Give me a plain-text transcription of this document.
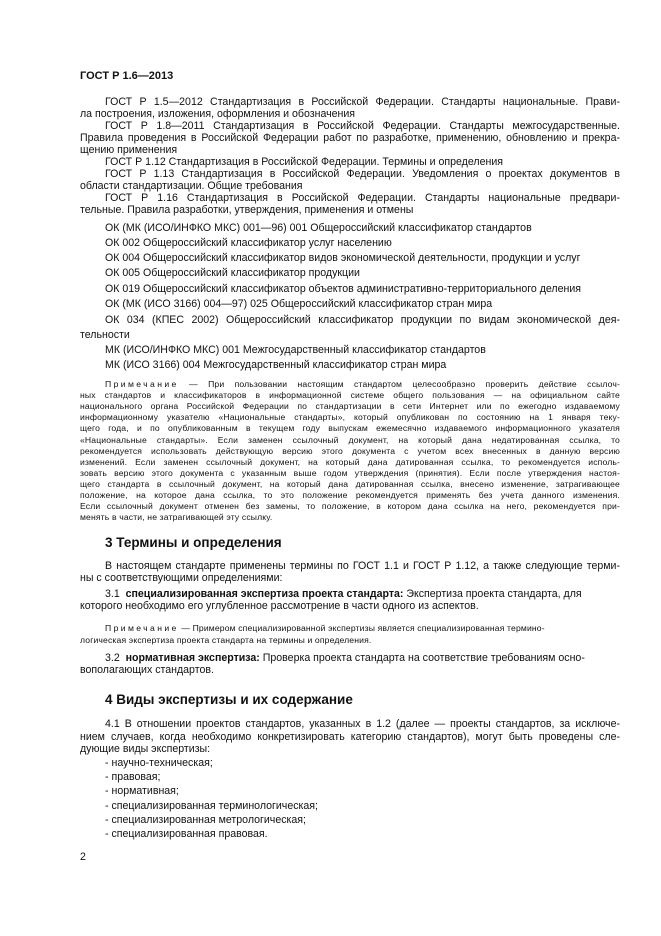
ГОСТ Р 1.6—2013
ГОСТ Р 1.5—2012 Стандартизация в Российской Федерации. Стандарты национальные. Прави-
ла построения, изложения, оформления и обозначения
ГОСТ Р 1.8—2011 Стандартизация в Российской Федерации. Стандарты межгосударственные.
Правила проведения в Российской Федерации работ по разработке, применению, обновлению и прекра-
щению применения
ГОСТ Р 1.12 Стандартизация в Российской Федерации. Термины и определения
ГОСТ Р 1.13 Стандартизация в Российской Федерации. Уведомления о проектах документов в
области стандартизации. Общие требования
ГОСТ Р 1.16 Стандартизация в Российской Федерации. Стандарты национальные предвари-
тельные. Правила разработки, утверждения, применения и отмены
ОК (МК (ИСО/ИНФКО МКС) 001—96) 001 Общероссийский классификатор стандартов
ОК 002 Общероссийский классификатор услуг населению
ОК 004 Общероссийский классификатор видов экономической деятельности, продукции и услуг
ОК 005 Общероссийский классификатор продукции
ОК 019 Общероссийский классификатор объектов административно-территориального деления
ОК (МК (ИСО 3166) 004—97) 025 Общероссийский классификатор стран мира
ОК 034 (КПЕС 2002) Общероссийский классификатор продукции по видам экономической дея-
тельности
МК (ИСО/ИНФКО МКС) 001 Межгосударственный классификатор стандартов
МК (ИСО 3166) 004 Межгосударственный классификатор стран мира
Примечание — При пользовании настоящим стандартом целесообразно проверить действие ссылоч-
ных стандартов и классификаторов в информационной системе общего пользования — на официальном сайте
национального органа Российской Федерации по стандартизации в сети Интернет или по ежегодно издаваемому
информационному указателю «Национальные стандарты», который опубликован по состоянию на 1 января теку-
щего года, и по опубликованным в текущем году выпускам ежемесячно издаваемого информационного указателя
«Национальные стандарты». Если заменен ссылочный документ, на который дана недатированная ссылка, то
рекомендуется использовать действующую версию этого документа с учетом всех внесенных в данную версию
изменений. Если заменен ссылочный документ, на который дана датированная ссылка, то рекомендуется исполь-
зовать версию этого документа с указанным выше годом утверждения (принятия). Если после утверждения настоя-
щего стандарта в ссылочный документ, на который дана датированная ссылка, внесено изменение, затрагивающее
положение, на которое дана ссылка, то это положение рекомендуется применять без учета данного изменения.
Если ссылочный документ отменен без замены, то положение, в котором дана ссылка на него, рекомендуется при-
менять в части, не затрагивающей эту ссылку.
В настоящем стандарте применены термины по ГОСТ 1.1 и ГОСТ Р 1.12, а также следующие терми-
ны с соответствующими определениями:
4.1 В отношении проектов стандартов, указанных в 1.2 (далее — проекты стандартов, за исключе-
нием случаев, когда необходимо конкретизировать категорию стандартов), могут быть проведены сле-
дующие виды экспертизы:
- научно-техническая;
- правовая;
- нормативная;
- специализированная терминологическая;
- специализированная метрологическая;
- специализированная правовая.
3.1 специализированная экспертиза проекта стандарта: Экспертиза проекта стандарта, для
которого необходимо его углубленное рассмотрение в части одного из аспектов.
Примечание — Примером специализированной экспертизы является специализированная термино-
логическая экспертиза проекта стандарта на термины и определения.
3.2 нормативная экспертиза: Проверка проекта стандарта на соответствие требованиям осно-
вополагающих стандартов.
3 Термины и определения
4 Виды экспертизы и их содержание
2
